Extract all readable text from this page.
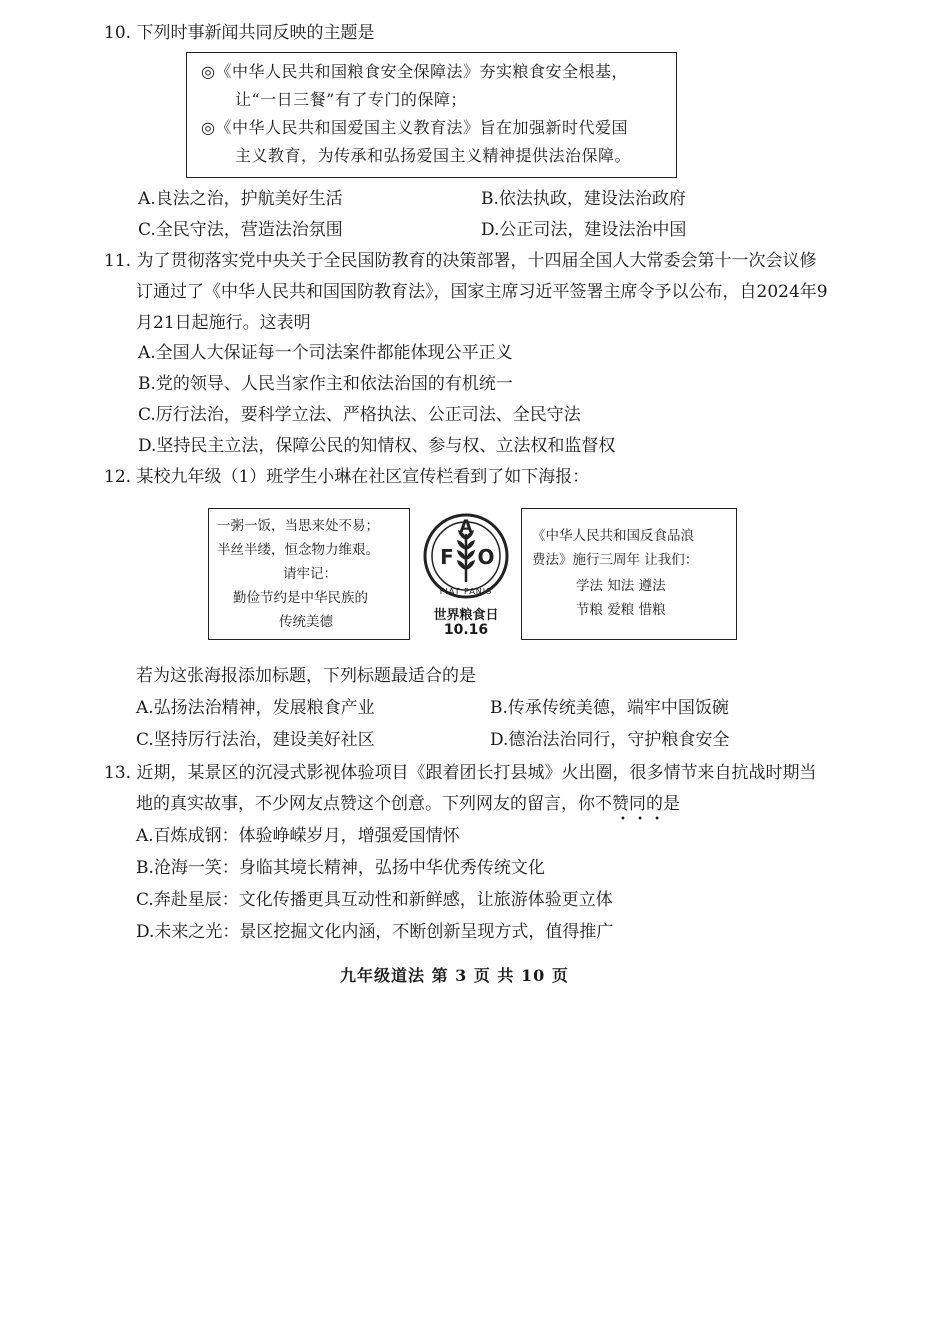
10. 下列时事新闻共同反映的主题是
◎《中华人民共和国粮食安全保障法》夯实粮食安全根基，
让“一日三餐”有了专门的保障；
◎《中华人民共和国爱国主义教育法》旨在加强新时代爱国
主义教育，为传承和弘扬爱国主义精神提供法治保障。
A.良法之治，护航美好生活	B.依法执政，建设法治政府
C.全民守法，营造法治氛围	D.公正司法，建设法治中国
11. 为了贯彻落实党中央关于全民国防教育的决策部署，十四届全国人大常委会第十一次会议修
订通过了《中华人民共和国国防教育法》，国家主席习近平签署主席令予以公布，自2024年9
月21日起施行。这表明
A.全国人大保证每一个司法案件都能体现公平正义
B.党的领导、人民当家作主和依法治国的有机统一
C.厉行法治，要科学立法、严格执法、公正司法、全民守法
D.坚持民主立法，保障公民的知情权、参与权、立法权和监督权
12. 某校九年级（1）班学生小琳在社区宣传栏看到了如下海报：
一粥一饭，当思来处不易；
半丝半缕，恒念物力维艰。
请牢记：
勤俭节约是中华民族的
传统美德
F
A
O
FIAT PANIS
世界粮食日
10.16
《中华人民共和国反食品浪
费法》施行三周年 让我们：
学法 知法 遵法
节粮 爱粮 惜粮
若为这张海报添加标题，下列标题最适合的是
A.弘扬法治精神，发展粮食产业	B.传承传统美德，端牢中国饭碗
C.坚持厉行法治，建设美好社区	D.德治法治同行，守护粮食安全
13. 近期，某景区的沉浸式影视体验项目《跟着团长打县城》火出圈，很多情节来自抗战时期当
地的真实故事，不少网友点赞这个创意。下列网友的留言，你不赞同的是
• • •
A.百炼成钢：体验峥嵘岁月，增强爱国情怀
B.沧海一笑：身临其境长精神，弘扬中华优秀传统文化
C.奔赴星辰：文化传播更具互动性和新鲜感，让旅游体验更立体
D.未来之光：景区挖掘文化内涵，不断创新呈现方式，值得推广
九年级道法 第 3 页 共 10 页
